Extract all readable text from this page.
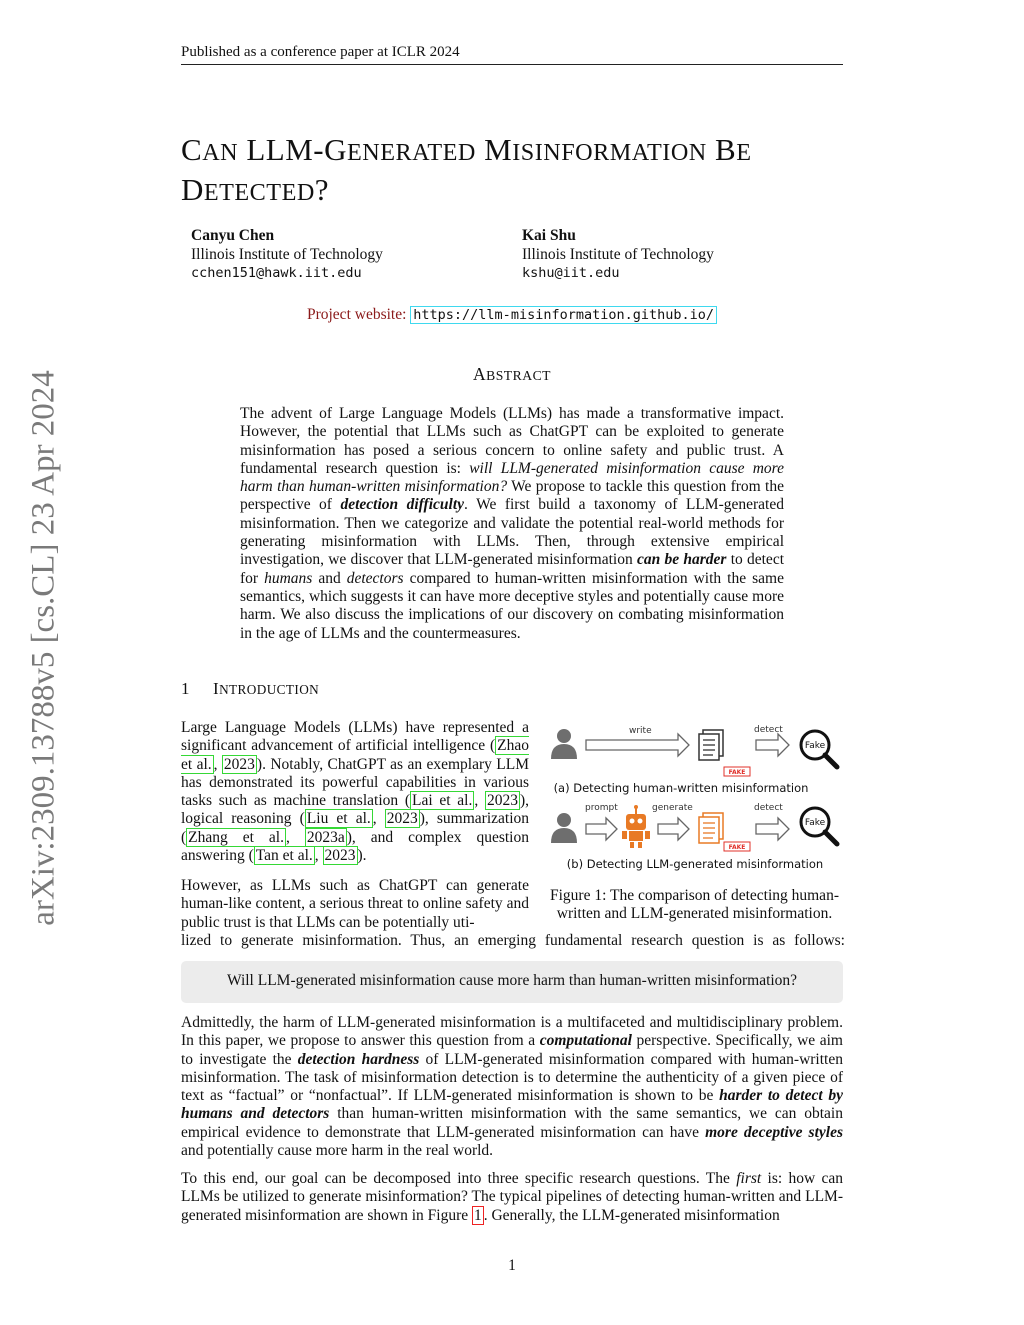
arXiv:2309.13788v5 [cs.CL] 23 Apr 2024
Published as a conference paper at ICLR 2024
CAN LLM-GENERATED MISINFORMATION BE
DETECTED?
Canyu Chen
Illinois Institute of Technology
cchen151@hawk.iit.edu
Kai Shu
Illinois Institute of Technology
kshu@iit.edu
Project website: https://llm-misinformation.github.io/
ABSTRACT
The advent of Large Language Models (LLMs) has made a transformative impact. However, the potential that LLMs such as ChatGPT can be exploited to generate misinformation has posed a serious concern to online safety and public trust. A fundamental research question is: will LLM-generated misinformation cause more harm than human-written misinformation? We propose to tackle this question from the perspective of detection difficulty. We first build a taxonomy of LLM-generated misinformation. Then we categorize and validate the potential real-world methods for generating misinformation with LLMs. Then, through extensive empirical investigation, we discover that LLM-generated misinformation can be harder to detect for humans and detectors compared to human-written misinformation with the same semantics, which suggests it can have more deceptive styles and potentially cause more harm. We also discuss the implications of our discovery on combating misinformation in the age of LLMs and the countermeasures.
1 INTRODUCTION
Large Language Models (LLMs) have represented a significant advancement of artificial intelligence ( Zhao et al. , 2023 ). Notably, ChatGPT as an exemplary LLM has demonstrated its powerful capabilities in various tasks such as machine translation ( Lai et al. , 2023 ), logical reasoning ( Liu et al. , 2023 ), summarization ( Zhang et al. , 2023a ), and complex question answering ( Tan et al. , 2023 ).
However, as LLMs such as ChatGPT can generate human-like content, a serious threat to online safety and public trust is that LLMs can be potentially uti-
lized to generate misinformation. Thus, an emerging fundamental research question is as follows:
write
FAKE
detect
Fake
(a) Detecting human-written misinformation
prompt	generate
FAKE
detect
Fake
(b) Detecting LLM-generated misinformation
Figure 1: The comparison of detecting human-written and LLM-generated misinformation.
Will LLM-generated misinformation cause more harm than human-written misinformation?
Admittedly, the harm of LLM-generated misinformation is a multifaceted and multidisciplinary problem. In this paper, we propose to answer this question from a computational perspective. Specifically, we aim to investigate the detection hardness of LLM-generated misinformation compared with human-written misinformation. The task of misinformation detection is to determine the authenticity of a given piece of text as “factual” or “nonfactual”. If LLM-generated misinformation is shown to be harder to detect by humans and detectors than human-written misinformation with the same semantics, we can obtain empirical evidence to demonstrate that LLM-generated misinformation can have more deceptive styles and potentially cause more harm in the real world.
To this end, our goal can be decomposed into three specific research questions. The first is: how can LLMs be utilized to generate misinformation? The typical pipelines of detecting human-written and LLM-generated misinformation are shown in Figure 1 . Generally, the LLM-generated misinformation
1
